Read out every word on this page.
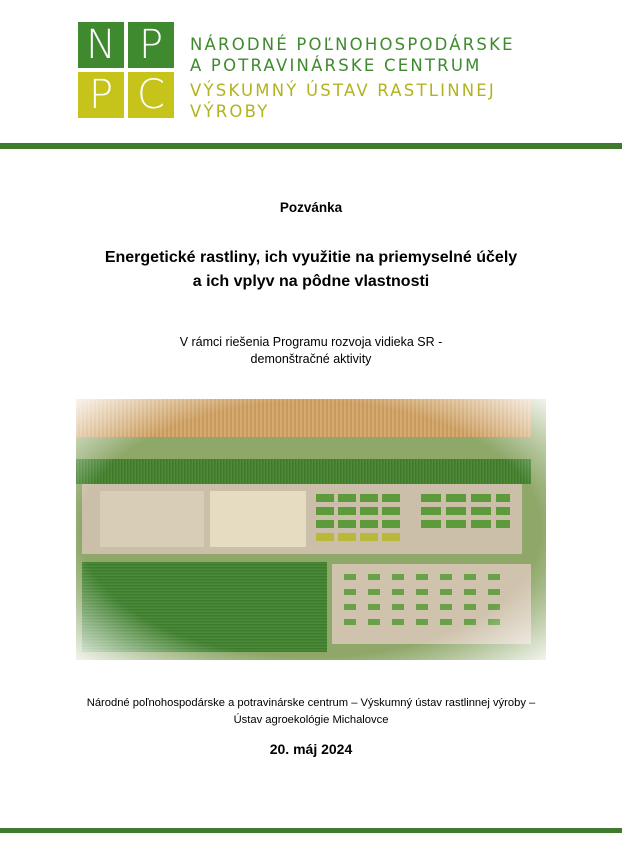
N P
P C
NÁRODNÉ POĽNOHOSPODÁRSKE
A POTRAVINÁRSKE CENTRUM
VÝSKUMNÝ ÚSTAV RASTLINNEJ
VÝROBY
Pozvánka
Energetické rastliny, ich využitie na priemyselné účely
a ich vplyv na pôdne vlastnosti
V rámci riešenia Programu rozvoja vidieka SR -
demonštračné aktivity
Národné poľnohospodárske a potravinárske centrum – Výskumný ústav rastlinnej výroby –
Ústav agroekológie Michalovce
20. máj 2024
